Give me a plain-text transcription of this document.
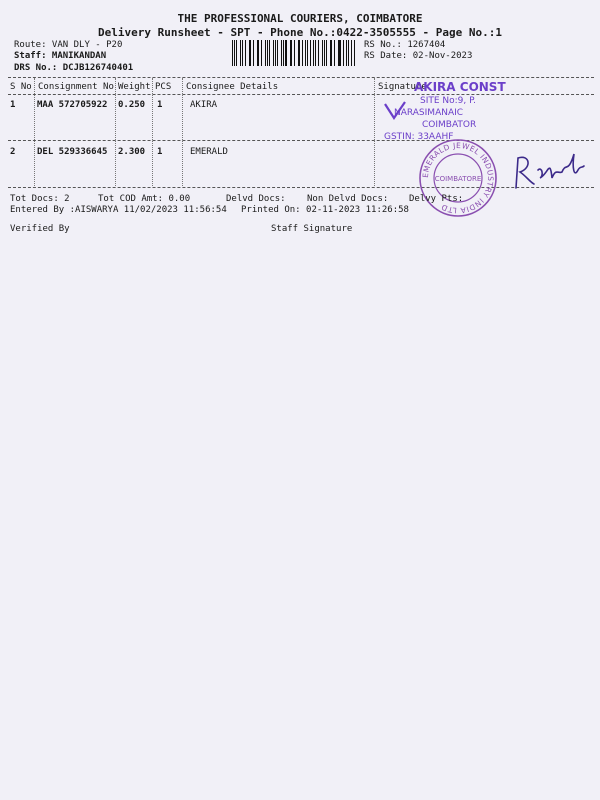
THE PROFESSIONAL COURIERS, COIMBATORE
Delivery Runsheet - SPT - Phone No.:0422-3505555 - Page No.:1
Route: VAN DLY - P20
Staff: MANIKANDAN
DRS No.: DCJB126740401
RS No.: 1267404
RS Date: 02-Nov-2023
S No Consignment No Weight PCS Consignee Details	Signature
1 MAA 572705922 0.250 1	AKIRA
2 DEL 529336645 2.300 1	EMERALD
AKIRA CONST
SITE No:9, P.
NARASIMANAIC
COIMBATOR
GSTIN: 33AAHF
EMERALD JEWEL INDUSTRY INDIA LTD
COIMBATORE
Tot Docs: 2	Tot COD Amt: 0.00	Delvd Docs: Non Delvd Docs: Delvy Pts:
Entered By :AISWARYA 11/02/2023 11:56:54 Printed On: 02-11-2023 11:26:58
Verified By	Staff Signature
